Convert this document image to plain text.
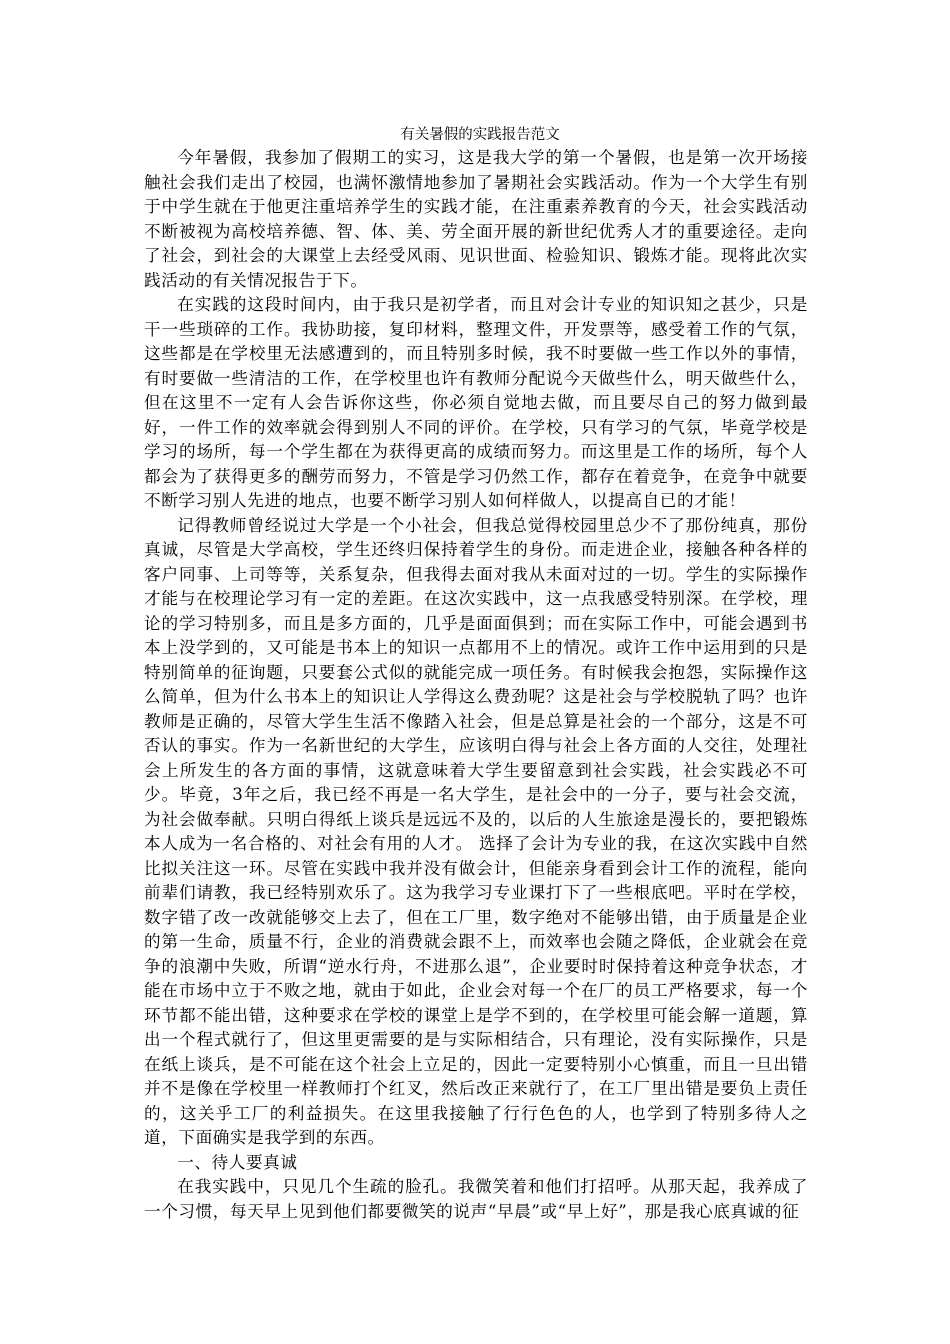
有关暑假的实践报告范文

今年暑假，我参加了假期工的实习，这是我大学的第一个暑假，也是第一次开场接触社会我们走出了校园，也满怀激情地参加了暑期社会实践活动。作为一个大学生有别于中学生就在于他更注重培养学生的实践才能，在注重素养教育的今天，社会实践活动不断被视为高校培养德、智、体、美、劳全面开展的新世纪优秀人才的重要途径。走向了社会，到社会的大课堂上去经受风雨、见识世面、检验知识、锻炼才能。现将此次实践活动的有关情况报告于下。

在实践的这段时间内，由于我只是初学者，而且对会计专业的知识知之甚少，只是干一些琐碎的工作。我协助接，复印材料，整理文件，开发票等，感受着工作的气氛，这些都是在学校里无法感遭到的，而且特别多时候，我不时要做一些工作以外的事情，有时要做一些清洁的工作，在学校里也许有教师分配说今天做些什么，明天做些什么，但在这里不一定有人会告诉你这些，你必须自觉地去做，而且要尽自己的努力做到最好，一件工作的效率就会得到别人不同的评价。在学校，只有学习的气氛，毕竟学校是学习的场所，每一个学生都在为获得更高的成绩而努力。而这里是工作的场所，每个人都会为了获得更多的酬劳而努力，不管是学习仍然工作，都存在着竞争，在竞争中就要不断学习别人先进的地点，也要不断学习别人如何样做人，以提高自已的才能！

记得教师曾经说过大学是一个小社会，但我总觉得校园里总少不了那份纯真，那份真诚，尽管是大学高校，学生还终归保持着学生的身份。而走进企业，接触各种各样的客户同事、上司等等，关系复杂，但我得去面对我从未面对过的一切。学生的实际操作才能与在校理论学习有一定的差距。在这次实践中，这一点我感受特别深。在学校，理论的学习特别多，而且是多方面的，几乎是面面俱到；而在实际工作中，可能会遇到书本上没学到的，又可能是书本上的知识一点都用不上的情况。或许工作中运用到的只是特别简单的征询题，只要套公式似的就能完成一项任务。有时候我会抱怨，实际操作这么简单，但为什么书本上的知识让人学得这么费劲呢？这是社会与学校脱轨了吗？也许教师是正确的，尽管大学生生活不像踏入社会，但是总算是社会的一个部分，这是不可否认的事实。作为一名新世纪的大学生，应该明白得与社会上各方面的人交往，处理社会上所发生的各方面的事情，这就意味着大学生要留意到社会实践，社会实践必不可少。毕竟，3年之后，我已经不再是一名大学生，是社会中的一分子，要与社会交流，为社会做奉献。只明白得纸上谈兵是远远不及的，以后的人生旅途是漫长的，要把锻炼本人成为一名合格的、对社会有用的人才。 选择了会计为专业的我，在这次实践中自然比拟关注这一环。尽管在实践中我并没有做会计，但能亲身看到会计工作的流程，能向前辈们请教，我已经特别欢乐了。这为我学习专业课打下了一些根底吧。平时在学校，数字错了改一改就能够交上去了，但在工厂里，数字绝对不能够出错，由于质量是企业的第一生命，质量不行，企业的消费就会跟不上，而效率也会随之降低，企业就会在竞争的浪潮中失败，所谓“逆水行舟，不进那么退”，企业要时时保持着这种竞争状态，才能在市场中立于不败之地，就由于如此，企业会对每一个在厂的员工严格要求，每一个环节都不能出错，这种要求在学校的课堂上是学不到的，在学校里可能会解一道题，算出一个程式就行了，但这里更需要的是与实际相结合，只有理论，没有实际操作，只是在纸上谈兵，是不可能在这个社会上立足的，因此一定要特别小心慎重，而且一旦出错并不是像在学校里一样教师打个红叉，然后改正来就行了，在工厂里出错是要负上责任的，这关乎工厂的利益损失。在这里我接触了行行色色的人，也学到了特别多待人之道，下面确实是我学到的东西。

一、待人要真诚

在我实践中，只见几个生疏的脸孔。我微笑着和他们打招呼。从那天起，我养成了一个习惯，每天早上见到他们都要微笑的说声“早晨”或“早上好”，那是我心底真诚的征
